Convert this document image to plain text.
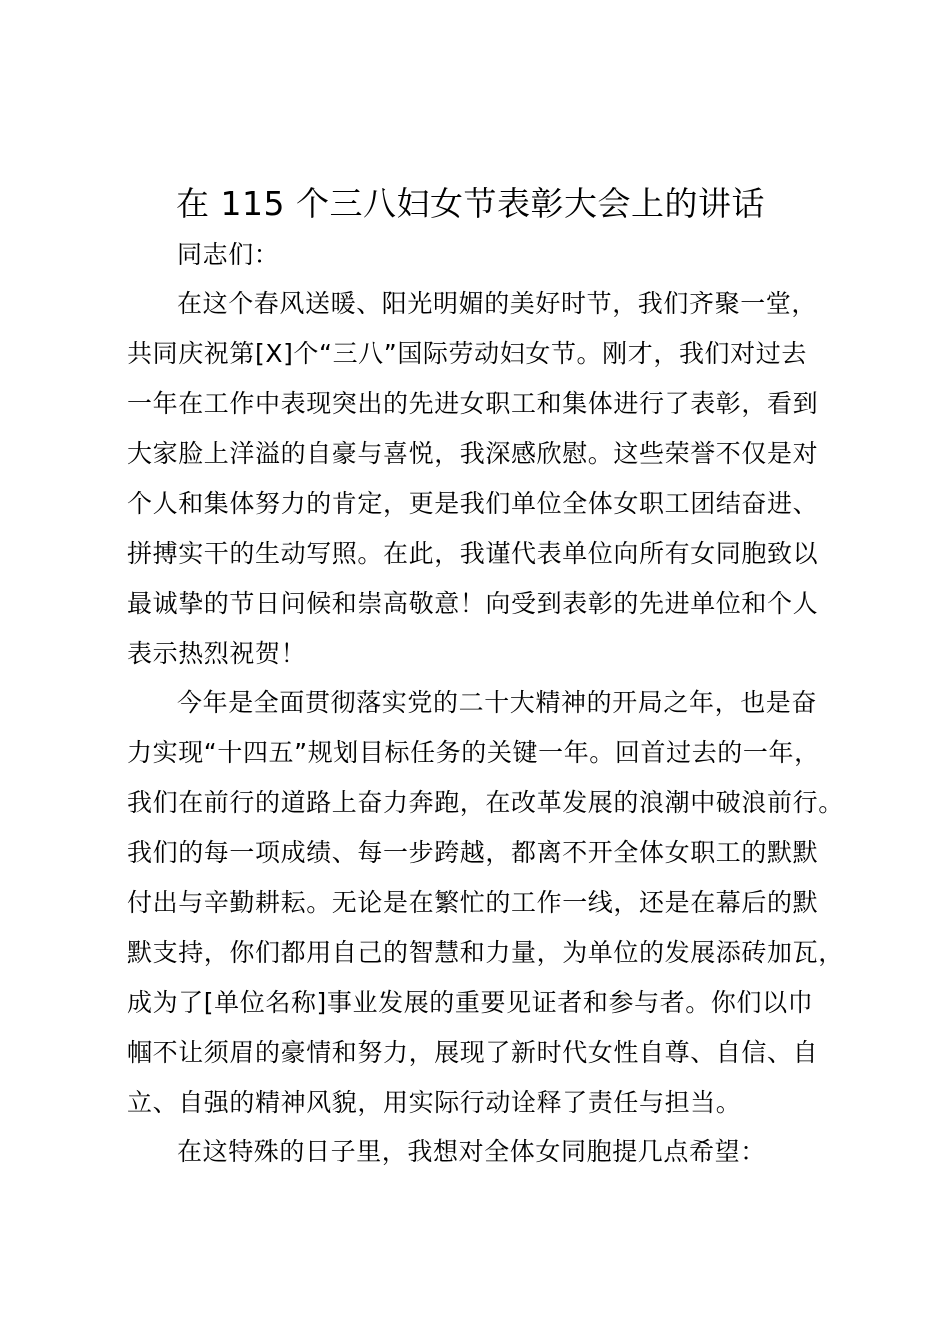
在 115 个三八妇女节表彰大会上的讲话
同志们：
在这个春风送暖、阳光明媚的美好时节，我们齐聚一堂，
共同庆祝第[X]个“三八”国际劳动妇女节。刚才，我们对过去
一年在工作中表现突出的先进女职工和集体进行了表彰，看到
大家脸上洋溢的自豪与喜悦，我深感欣慰。这些荣誉不仅是对
个人和集体努力的肯定，更是我们单位全体女职工团结奋进、
拼搏实干的生动写照。在此，我谨代表单位向所有女同胞致以
最诚挚的节日问候和崇高敬意！向受到表彰的先进单位和个人
表示热烈祝贺！
今年是全面贯彻落实党的二十大精神的开局之年，也是奋
力实现“十四五”规划目标任务的关键一年。回首过去的一年，
我们在前行的道路上奋力奔跑，在改革发展的浪潮中破浪前行。
我们的每一项成绩、每一步跨越，都离不开全体女职工的默默
付出与辛勤耕耘。无论是在繁忙的工作一线，还是在幕后的默
默支持，你们都用自己的智慧和力量，为单位的发展添砖加瓦，
成为了[单位名称]事业发展的重要见证者和参与者。你们以巾
帼不让须眉的豪情和努力，展现了新时代女性自尊、自信、自
立、自强的精神风貌，用实际行动诠释了责任与担当。
在这特殊的日子里，我想对全体女同胞提几点希望：
